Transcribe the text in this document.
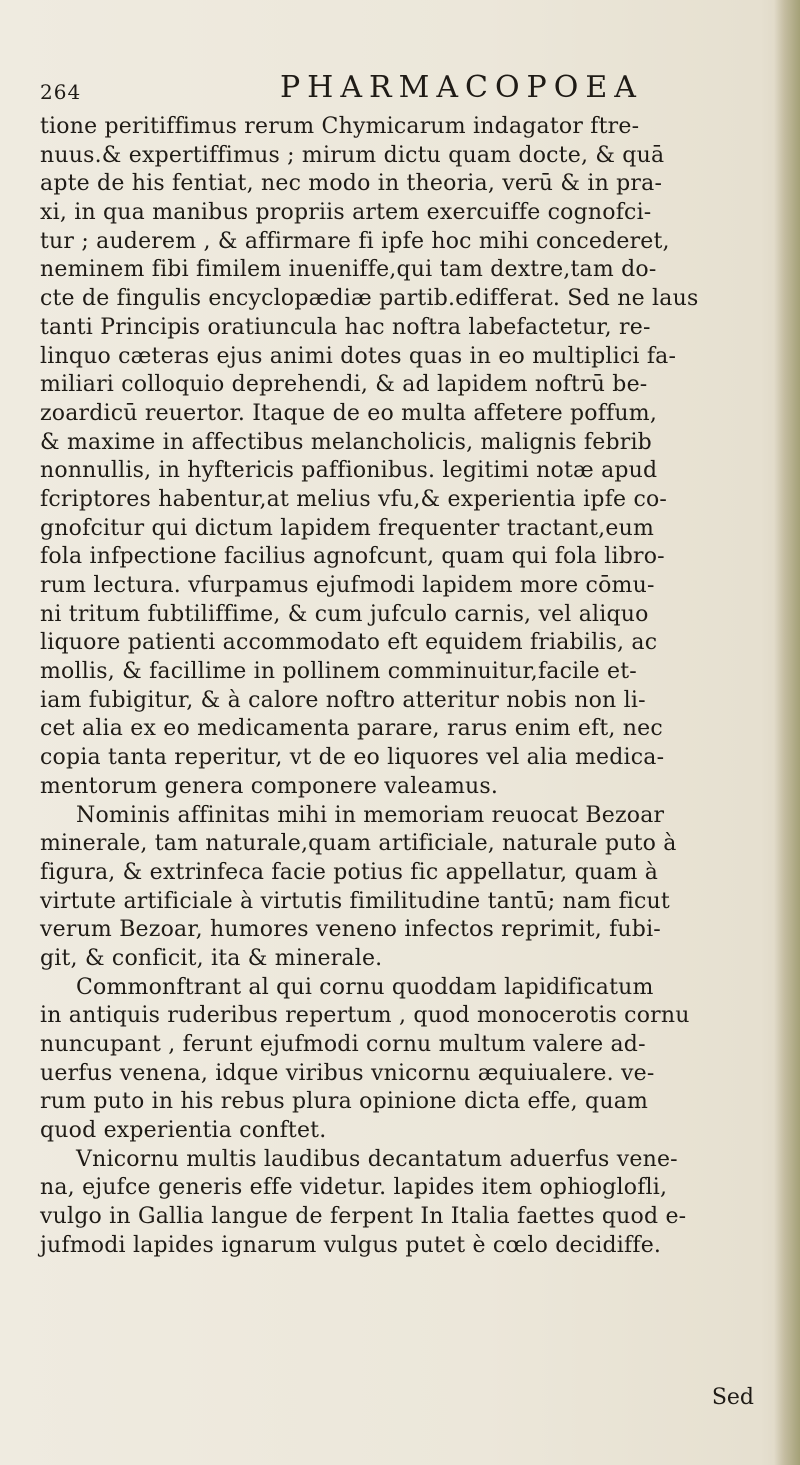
264	PHARMACOPOEA
tione peritiffimus rerum Chymicarum indagator ftre-
nuus.& expertiffimus ; mirum dictu quam docte, & quā
apte de his fentiat, nec modo in theoria, verū & in pra-
xi, in qua manibus propriis artem exercuiffe cognofci-
tur ; auderem , & affirmare fi ipfe hoc mihi concederet,
neminem fibi fimilem inueniffe,qui tam dextre,tam do-
cte de fingulis encyclopædiæ partib.edifferat. Sed ne laus
tanti Principis oratiuncula hac noftra labefactetur, re-
linquo cæteras ejus animi dotes quas in eo multiplici fa-
miliari colloquio deprehendi, & ad lapidem noftrū be-
zoardicū reuertor. Itaque de eo multa affetere poffum,
& maxime in affectibus melancholicis, malignis febrib
nonnullis, in hyftericis paffionibus. legitimi notæ apud
fcriptores habentur,at melius vfu,& experientia ipfe co-
gnofcitur qui dictum lapidem frequenter tractant,eum
fola infpectione facilius agnofcunt, quam qui fola libro-
rum lectura. vfurpamus ejufmodi lapidem more cōmu-
ni tritum fubtiliffime, & cum jufculo carnis, vel aliquo
liquore patienti accommodato eft equidem friabilis, ac
mollis, & facillime in pollinem comminuitur,facile et-
iam fubigitur, & à calore noftro atteritur nobis non li-
cet alia ex eo medicamenta parare, rarus enim eft, nec
copia tanta reperitur, vt de eo liquores vel alia medica-
mentorum genera componere valeamus.
Nominis affinitas mihi in memoriam reuocat Bezoar
minerale, tam naturale,quam artificiale, naturale puto à
figura, & extrinfeca facie potius fic appellatur, quam à
virtute artificiale à virtutis fimilitudine tantū; nam ficut
verum Bezoar, humores veneno infectos reprimit, fubi-
git, & conficit, ita & minerale.
Commonftrant al qui cornu quoddam lapidificatum
in antiquis ruderibus repertum , quod monocerotis cornu
nuncupant , ferunt ejufmodi cornu multum valere ad-
uerfus venena, idque viribus vnicornu æquiualere. ve-
rum puto in his rebus plura opinione dicta effe, quam
quod experientia conftet.
Vnicornu multis laudibus decantatum aduerfus vene-
na, ejufce generis effe videtur. lapides item ophioglofli,
vulgo in Gallia langue de ferpent In Italia faettes quod e-
jufmodi lapides ignarum vulgus putet è cœlo decidiffe.
Sed
